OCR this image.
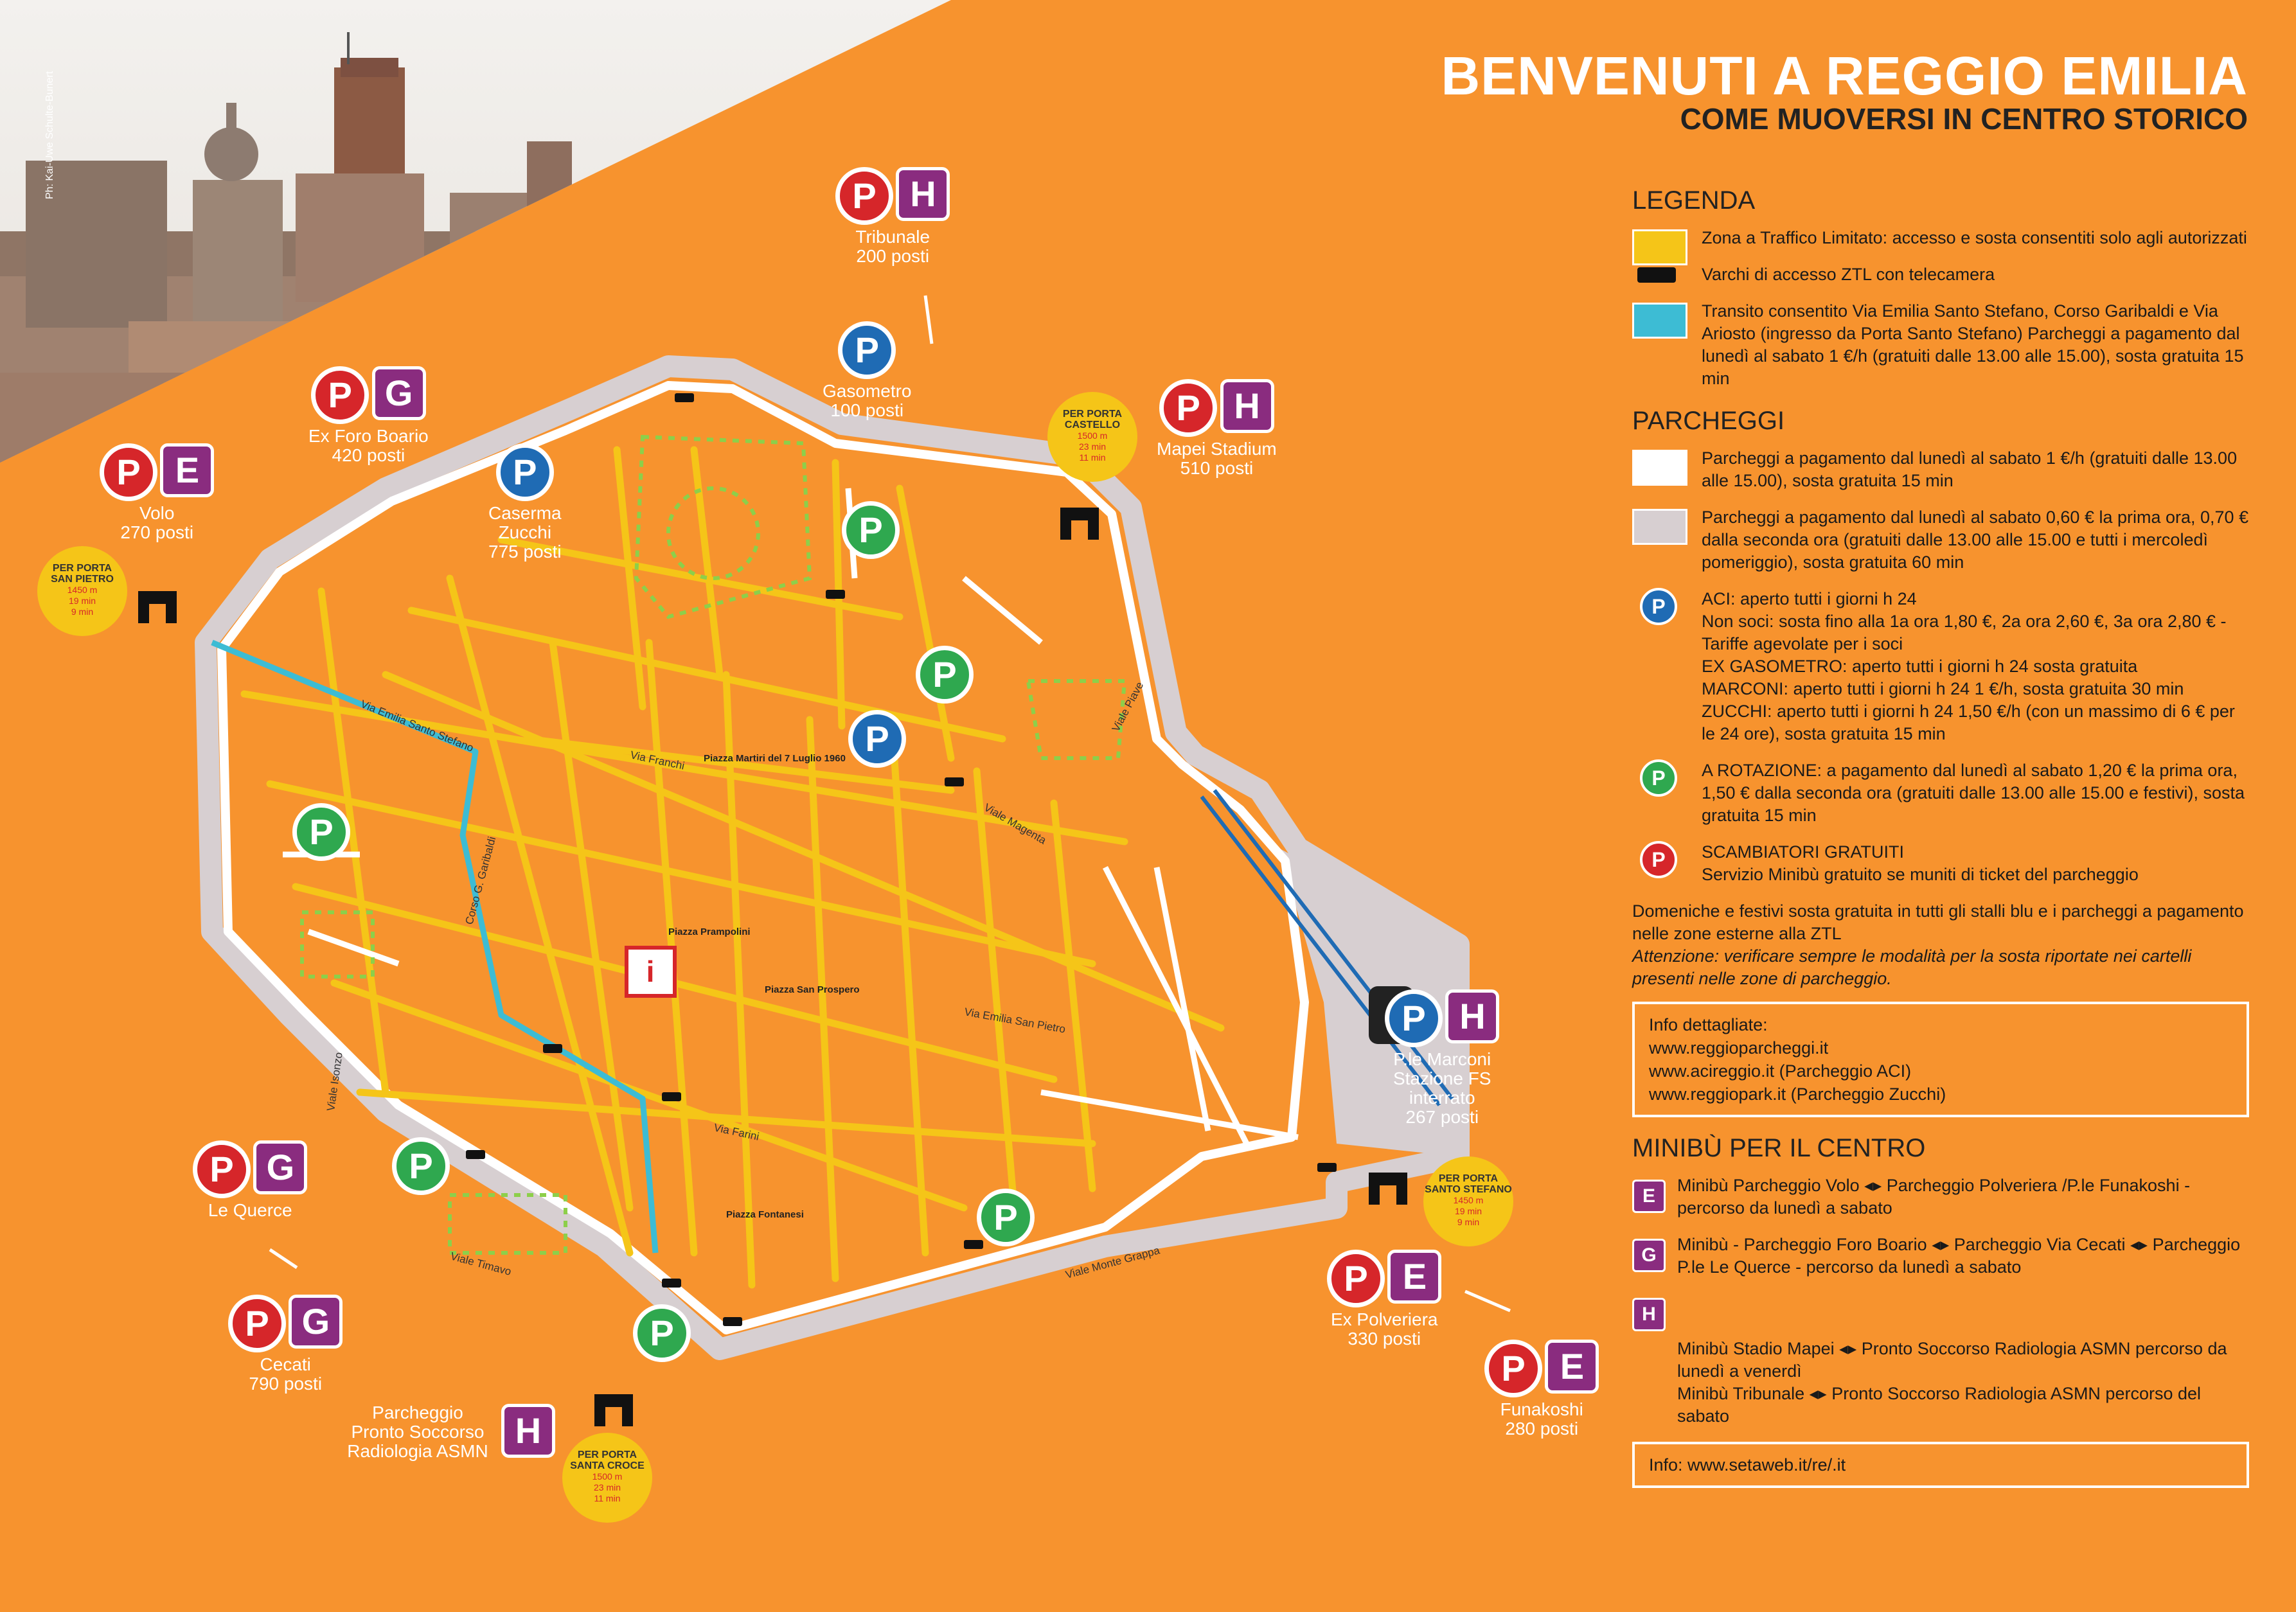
Ph: Kai-Uwe Schulte-Bunert
i
Via Emilia Santo Stefano
Via Emilia San Pietro
Corso G. Garibaldi
Viale Isonzo
Viale Piave
Viale Timavo	Viale Monte Grappa
Viale Magenta
Via Franchi
Via Farini
Piazza Prampolini
Piazza San Prospero
Piazza Martiri del 7 Luglio 1960
Piazza Fontanesi
BENVENUTI A REGGIO EMILIA
COME MUOVERSI IN CENTRO STORICO
P H
Tribunale
200 posti
P
Gasometro
100 posti
P G
Ex Foro Boario
420 posti
P E
Volo
270 posti
P
Caserma
Zucchi
775 posti
P H
Mapei Stadium
510 posti
P H
P.le Marconi
Stazione FS
interrato
267 posti
P G
Le Querce
P G
Cecati
790 posti
Parcheggio
Pronto Soccorso
Radiologia ASMN
H
P E
Ex Polveriera
330 posti
P E
Funakoshi
280 posti
P
P
P
P
P
P
P
PER PORTA
SAN PIETRO
1450 m
19 min
9 min
PER PORTA
CASTELLO
1500 m
23 min
11 min
PER PORTA
SANTO STEFANO
1450 m
19 min
9 min
PER PORTA
SANTA CROCE
1500 m
23 min
11 min
LEGENDA
Zona a Traffico Limitato: accesso e sosta consentiti solo agli autorizzati
Varchi di accesso ZTL con telecamera
Transito consentito Via Emilia Santo Stefano, Corso Garibaldi e Via Ariosto (ingresso da Porta Santo Stefano) Parcheggi a pagamento dal lunedì al sabato 1 €/h (gratuiti dalle 13.00 alle 15.00), sosta gratuita 15 min
PARCHEGGI
Parcheggi a pagamento dal lunedì al sabato 1 €/h (gratuiti dalle 13.00 alle 15.00), sosta gratuita 15 min
Parcheggi a pagamento dal lunedì al sabato 0,60 € la prima ora, 0,70 € dalla seconda ora (gratuiti dalle 13.00 alle 15.00 e tutti i mercoledì pomeriggio), sosta gratuita 60 min
P	ACI: aperto tutti i giorni h 24
Non soci: sosta fino alla 1a ora 1,80 €, 2a ora 2,60 €, 3a ora 2,80 € - Tariffe agevolate per i soci
EX GASOMETRO: aperto tutti i giorni h 24 sosta gratuita
MARCONI: aperto tutti i giorni h 24 1 €/h, sosta gratuita 30 min
ZUCCHI: aperto tutti i giorni h 24 1,50 €/h (con un massimo di 6 € per le 24 ore), sosta gratuita 15 min
P	A ROTAZIONE: a pagamento dal lunedì al sabato 1,20 € la prima ora, 1,50 € dalla seconda ora (gratuiti dalle 13.00 alle 15.00 e festivi), sosta gratuita 15 min
P	SCAMBIATORI GRATUITI
Servizio Minibù gratuito se muniti di ticket del parcheggio
Domeniche e festivi sosta gratuita in tutti gli stalli blu e i parcheggi a pagamento nelle zone esterne alla ZTL
Attenzione: verificare sempre le modalità per la sosta riportate nei cartelli presenti nelle zone di parcheggio.
Info dettagliate:
www.reggioparcheggi.it
www.acireggio.it (Parcheggio ACI)
www.reggiopark.it (Parcheggio Zucchi)
MINIBÙ PER IL CENTRO
E	Minibù Parcheggio Volo ◂▸ Parcheggio Polveriera /P.le Funakoshi - percorso da lunedì a sabato
G	Minibù - Parcheggio Foro Boario ◂▸ Parcheggio Via Cecati ◂▸ Parcheggio P.le Le Querce - percorso da lunedì a sabato

H

Minibù Stadio Mapei ◂▸ Pronto Soccorso Radiologia ASMN percorso da lunedì a venerdì
Minibù Tribunale ◂▸ Pronto Soccorso Radiologia ASMN percorso del sabato

Info: www.setaweb.it/re/.it
